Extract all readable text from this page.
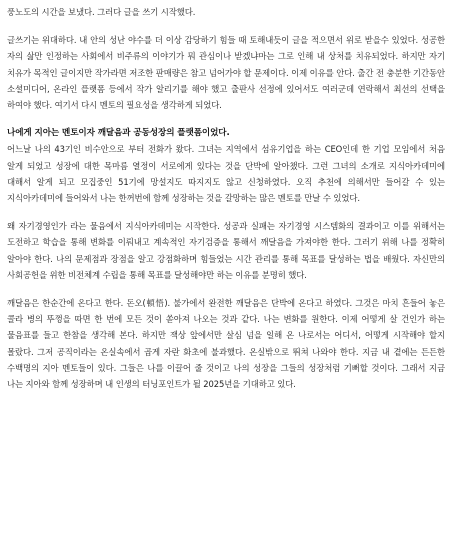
풍노도의 시간을 보냈다. 그러다 글을 쓰기 시작했다.

글쓰기는 위대하다. 내 안의 성난 야수를 더 이상 감당하기 힘들 때 토해내듯이 글을 적으면서 위로 받을수 있었다. 성공한 자의 삶만 인정하는 사회에서 비주류의 이야기가 뭐 관심이나 받겠냐마는 그로 인해 내 상처를 치유되었다. 하지만 자기 치유가 목적인 글이지만 작가라면 저조한 판매량은 참고 넘어가야 할 문제이다. 이제 이유를 안다. 출간 전 충분한 기간동안 소셜미디어, 온라인 플랫폼 등에서 작가 알리기를 해야 했고 출판사 선정에 있어서도 여러군데 연락해서 최선의 선택을 하여야 했다. 여기서 다시 멘토의 필요성을 생각하게 되었다.

나에게 지아는 멘토이자 깨달음과 공동성장의 플랫폼이었다.

어느날 나의 43기인 비수안으로 부터 전화가 왔다. 그녀는 지역에서 섬유기업을 하는 CEO인데 한 기업 모임에서 처음 알게 되었고 성장에 대한 목마름 열정이 서로에게 있다는 것을 단박에 알아챘다. 그런 그녀의 소개로 지식아카데미에 대해서 알게 되고 모집중인 51기에 망설지도 따지지도 않고 신청하였다. 오직 추천에 의해서만 들어갈 수 있는 지식아카데미에 들어와서 나는 한꺼번에 함께 성장하는 것을 갈망하는 많은 멘토를 만날 수 있었다.

왜 자기경영인가 라는 물음에서 지식아카데미는 시작한다. 성공과 실패는 자기경영 시스템화의 결과이고 이를 위해서는 도전하고 학습을 통해 변화를 이뤄내고 계속적인 자기검증을 통해서 깨달음을 가져야한 한다. 그러기 위해 나를 정확히 알아야 한다. 나의 문제점과 장점을 알고 강점화하며 힘들었는 시간 관리를 통해 목표를 달성하는 법을 배웠다. 자신만의 사회공헌을 위한 비전체계 수립을 통해 목표를 달성해야만 하는 이유를 분명히 했다.

깨달음은 한순간에 온다고 한다. 돈오(頓悟). 불가에서 완전한 깨달음은 단박에 온다고 하였다. 그것은 마치 흔들어 놓은 콜라 병의 뚜껑을 따면 한 번에 모든 것이 쏟아져 나오는 것과 같다. 나는 변화를 원한다. 이제 어떻게 살 건인가 하는 물음표를 들고 한참을 생각해 본다. 하지만 잭상 앞에서만 살심 넘을 일해 온 나로서는 어디서, 어떻게 시작해야 할지 몰랐다. 그저 공직이라는 온실속에서 곱게 자란 화초에 불과했다. 온실밖으로 뛰쳐 나와야 한다. 지금 내 곁에는 든든한 수백명의 지아 멘토들이 있다. 그들은 나를 이끌어 줄 것이고 나의 성장을 그들의 성장처럼 기뻐할 것이다. 그래서 지금 나는 지아와 함께 성장하며 내 인생의 터닝포인트가 될 2025년을 기대하고 있다.
